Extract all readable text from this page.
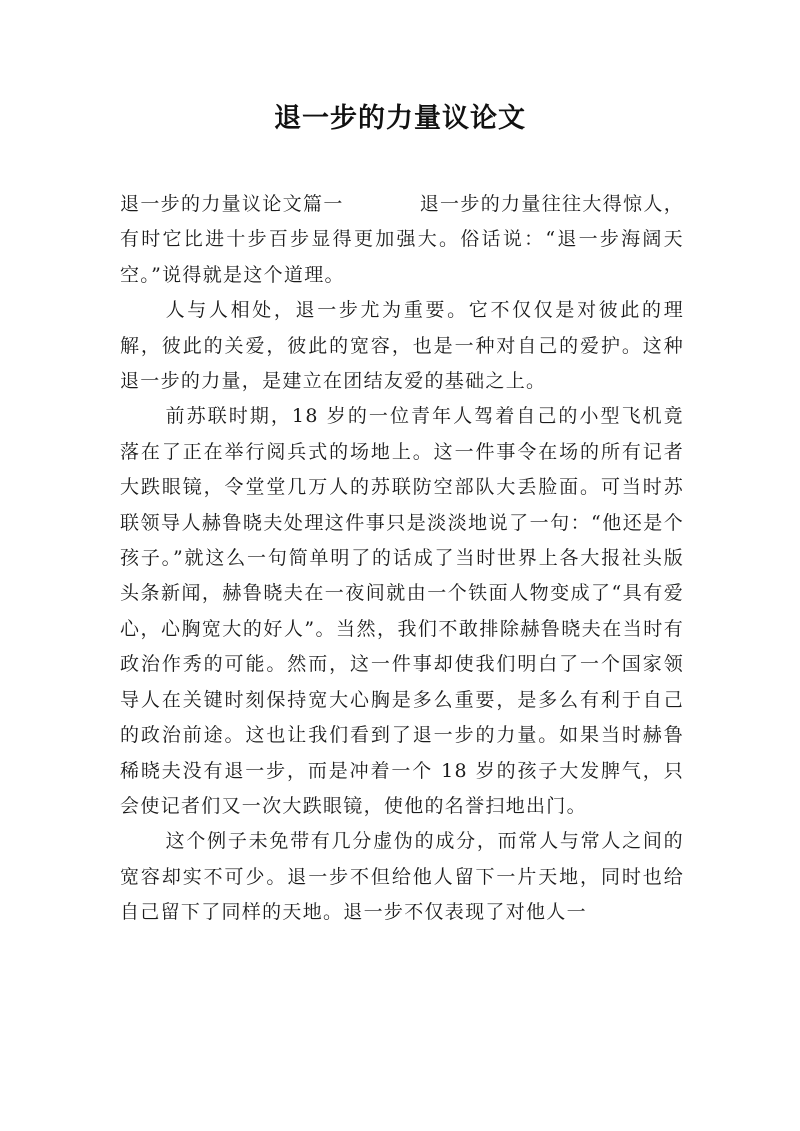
退一步的力量议论文

退一步的力量议论文篇一	退一步的力量往往大得惊人，有时它比进十步百步显得更加强大。俗话说：“退一步海阔天空。”说得就是这个道理。

人与人相处，退一步尤为重要。它不仅仅是对彼此的理解，彼此的关爱，彼此的宽容，也是一种对自己的爱护。这种退一步的力量，是建立在团结友爱的基础之上。

前苏联时期，18 岁的一位青年人驾着自己的小型飞机竟落在了正在举行阅兵式的场地上。这一件事令在场的所有记者大跌眼镜，令堂堂几万人的苏联防空部队大丢脸面。可当时苏联领导人赫鲁晓夫处理这件事只是淡淡地说了一句：“他还是个孩子。”就这么一句简单明了的话成了当时世界上各大报社头版头条新闻，赫鲁晓夫在一夜间就由一个铁面人物变成了“具有爱心，心胸宽大的好人”。当然，我们不敢排除赫鲁晓夫在当时有政治作秀的可能。然而，这一件事却使我们明白了一个国家领导人在关键时刻保持宽大心胸是多么重要，是多么有利于自己的政治前途。这也让我们看到了退一步的力量。如果当时赫鲁稀晓夫没有退一步，而是冲着一个 18 岁的孩子大发脾气，只会使记者们又一次大跌眼镜，使他的名誉扫地出门。

这个例子未免带有几分虚伪的成分，而常人与常人之间的宽容却实不可少。退一步不但给他人留下一片天地，同时也给自己留下了同样的天地。退一步不仅表现了对他人一
